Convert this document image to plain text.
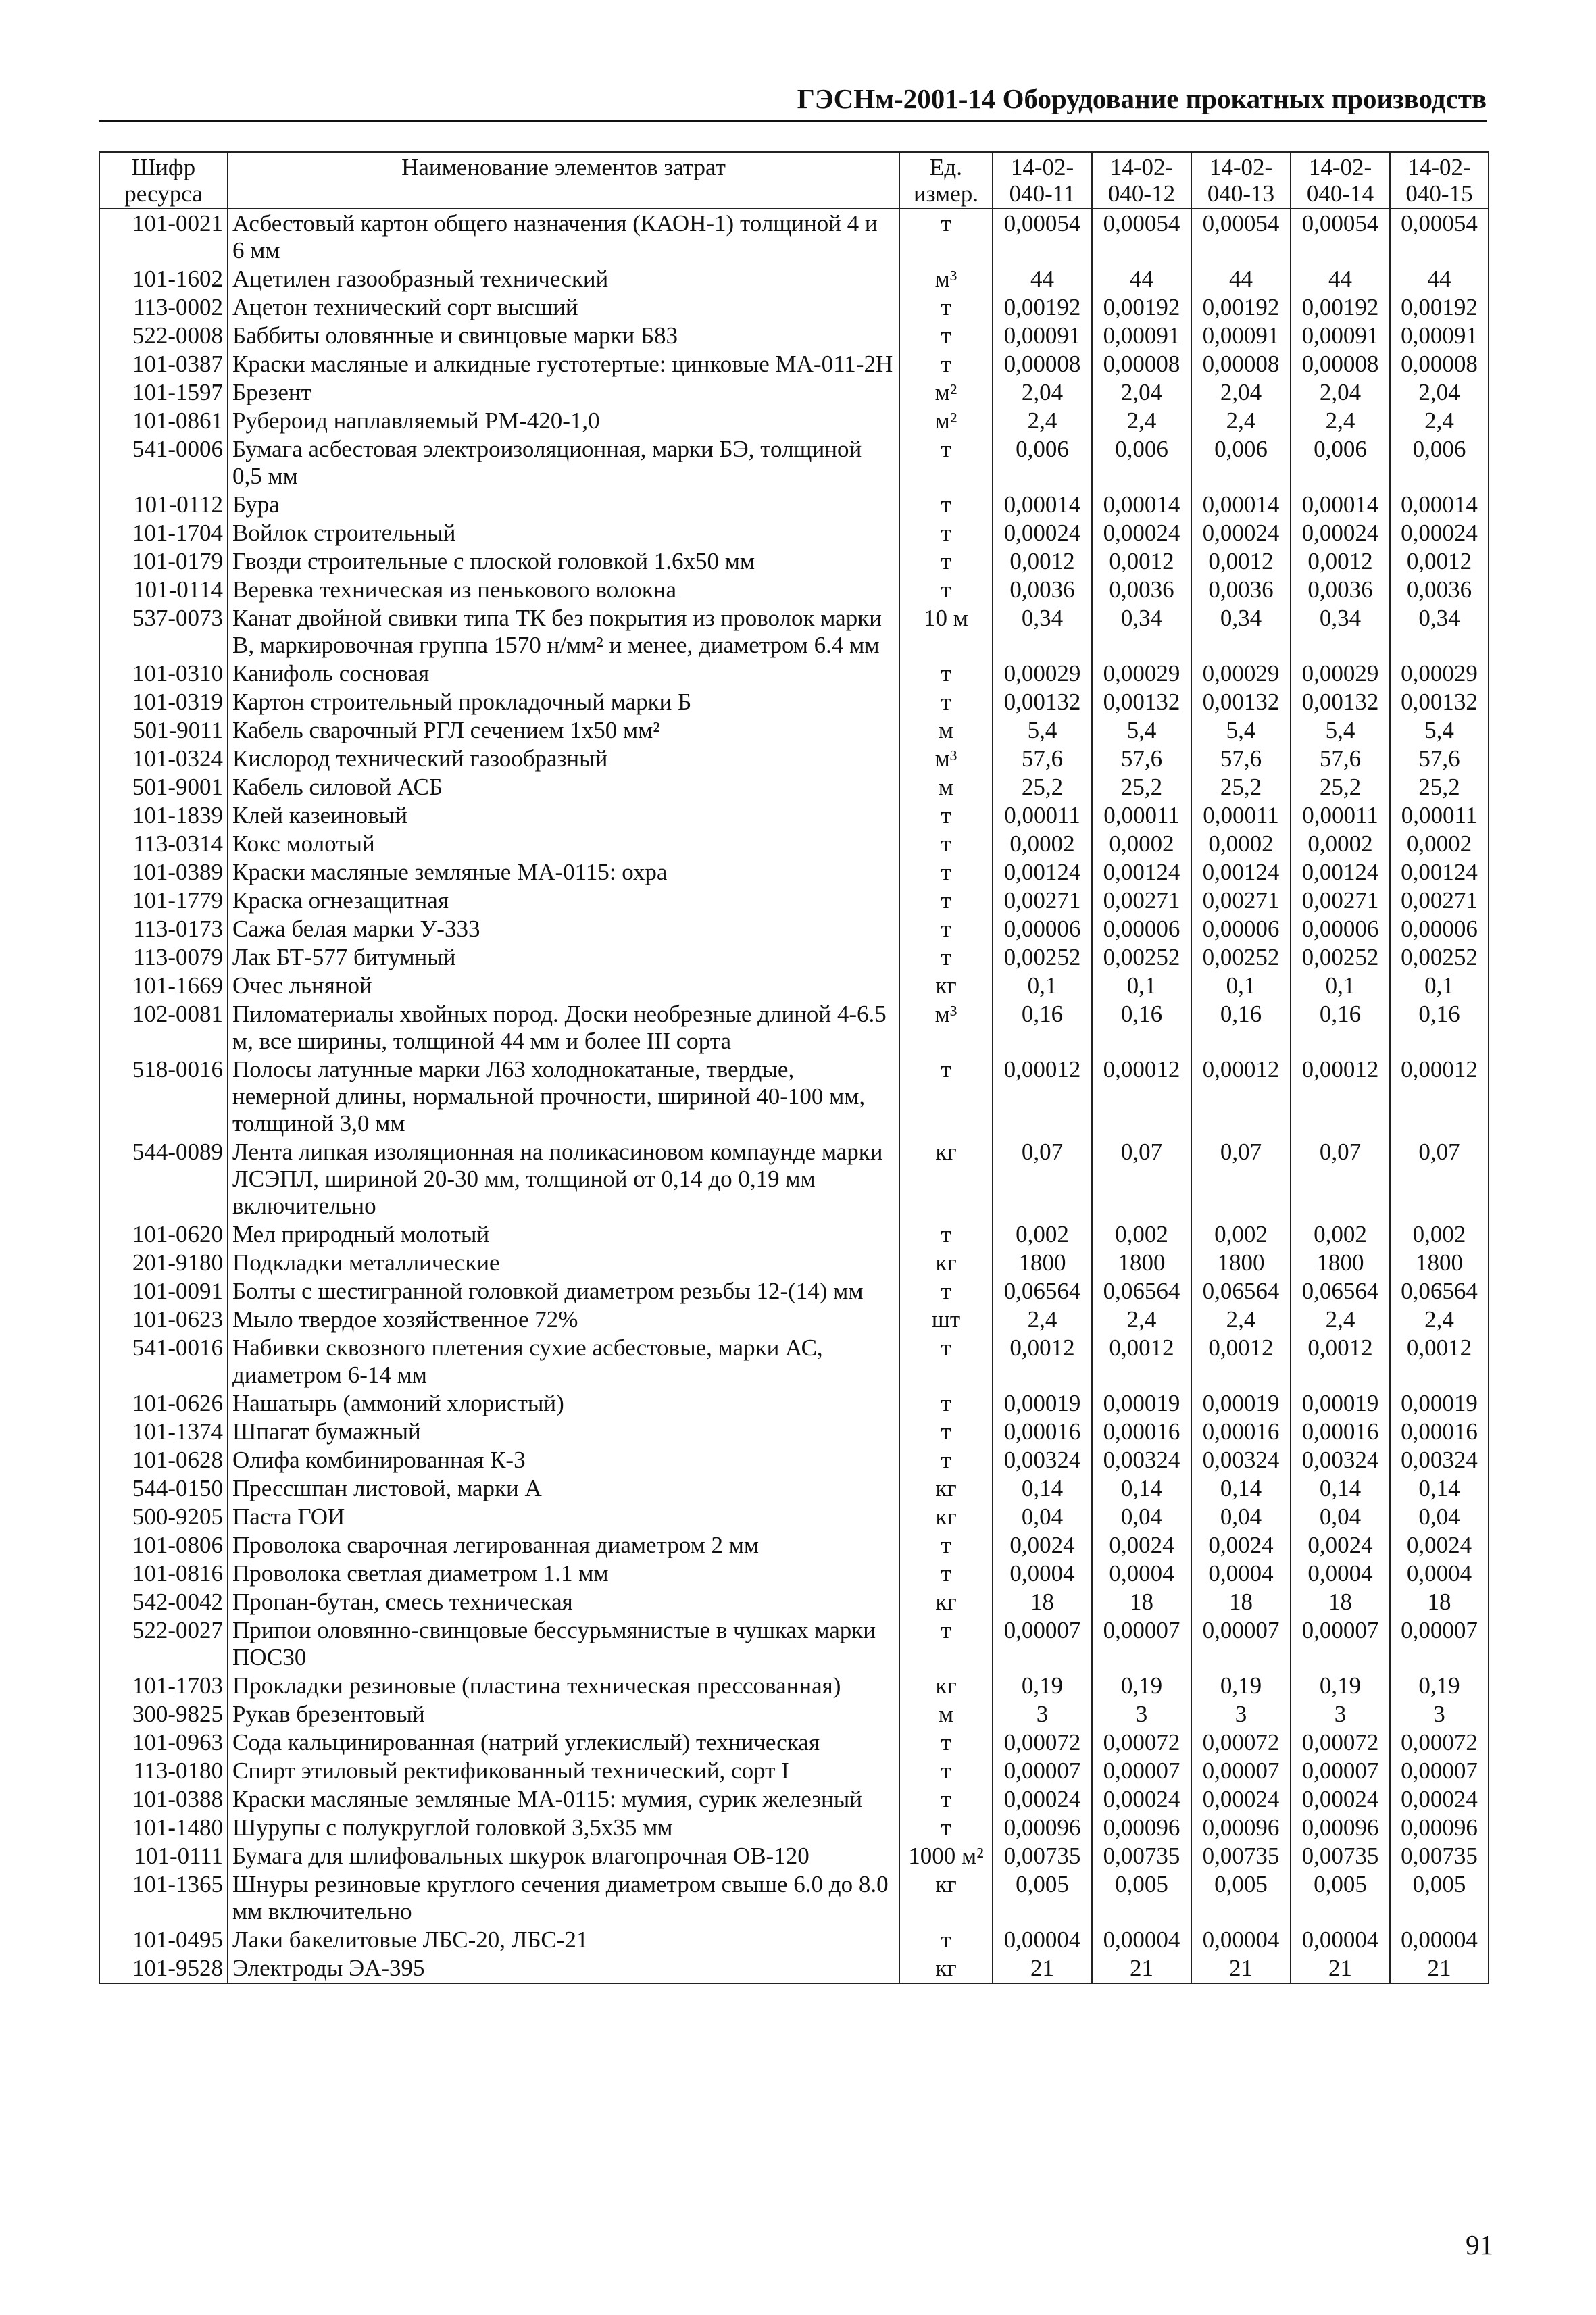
ГЭСНм-2001-14 Оборудование прокатных производств
Шифр ресурса	Наименование элементов затрат	Ед. измер.	14-02-040-11	14-02-040-12	14-02-040-13	14-02-040-14	14-02-040-15
101-0021	Асбестовый картон общего назначения (КАОН-1) толщиной 4 и 6 мм	т	0,00054	0,00054	0,00054	0,00054	0,00054
101-1602	Ацетилен газообразный технический	м³	44	44	44	44	44
113-0002	Ацетон технический сорт высший	т	0,00192	0,00192	0,00192	0,00192	0,00192
522-0008	Баббиты оловянные и свинцовые марки Б83	т	0,00091	0,00091	0,00091	0,00091	0,00091
101-0387	Краски масляные и алкидные густотертые: цинковые МА-011-2Н	т	0,00008	0,00008	0,00008	0,00008	0,00008
101-1597	Брезент	м²	2,04	2,04	2,04	2,04	2,04
101-0861	Рубероид наплавляемый РМ-420-1,0	м²	2,4	2,4	2,4	2,4	2,4
541-0006	Бумага асбестовая электроизоляционная, марки БЭ, толщиной 0,5 мм	т	0,006	0,006	0,006	0,006	0,006
101-0112	Бура	т	0,00014	0,00014	0,00014	0,00014	0,00014
101-1704	Войлок строительный	т	0,00024	0,00024	0,00024	0,00024	0,00024
101-0179	Гвозди строительные с плоской головкой 1.6х50 мм	т	0,0012	0,0012	0,0012	0,0012	0,0012
101-0114	Веревка техническая из пенькового волокна	т	0,0036	0,0036	0,0036	0,0036	0,0036
537-0073	Канат двойной свивки типа ТК без покрытия из проволок марки В, маркировочная группа 1570 н/мм² и менее, диаметром 6.4 мм	10 м	0,34	0,34	0,34	0,34	0,34
101-0310	Канифоль сосновая	т	0,00029	0,00029	0,00029	0,00029	0,00029
101-0319	Картон строительный прокладочный марки Б	т	0,00132	0,00132	0,00132	0,00132	0,00132
501-9011	Кабель сварочный РГЛ сечением 1х50 мм²	м	5,4	5,4	5,4	5,4	5,4
101-0324	Кислород технический газообразный	м³	57,6	57,6	57,6	57,6	57,6
501-9001	Кабель силовой АСБ	м	25,2	25,2	25,2	25,2	25,2
101-1839	Клей казеиновый	т	0,00011	0,00011	0,00011	0,00011	0,00011
113-0314	Кокс молотый	т	0,0002	0,0002	0,0002	0,0002	0,0002
101-0389	Краски масляные земляные МА-0115: охра	т	0,00124	0,00124	0,00124	0,00124	0,00124
101-1779	Краска огнезащитная	т	0,00271	0,00271	0,00271	0,00271	0,00271
113-0173	Сажа белая марки У-333	т	0,00006	0,00006	0,00006	0,00006	0,00006
113-0079	Лак БТ-577 битумный	т	0,00252	0,00252	0,00252	0,00252	0,00252
101-1669	Очес льняной	кг	0,1	0,1	0,1	0,1	0,1
102-0081	Пиломатериалы хвойных пород. Доски необрезные длиной 4-6.5 м, все ширины, толщиной 44 мм и более III сорта	м³	0,16	0,16	0,16	0,16	0,16
518-0016	Полосы латунные марки Л63 холоднокатаные, твердые, немерной длины, нормальной прочности, шириной 40-100 мм, толщиной 3,0 мм	т	0,00012	0,00012	0,00012	0,00012	0,00012
544-0089	Лента липкая изоляционная на поликасиновом компаунде марки ЛСЭПЛ, шириной 20-30 мм, толщиной от 0,14 до 0,19 мм включительно	кг	0,07	0,07	0,07	0,07	0,07
101-0620	Мел природный молотый	т	0,002	0,002	0,002	0,002	0,002
201-9180	Подкладки металлические	кг	1800	1800	1800	1800	1800
101-0091	Болты с шестигранной головкой диаметром резьбы 12-(14) мм	т	0,06564	0,06564	0,06564	0,06564	0,06564
101-0623	Мыло твердое хозяйственное 72%	шт	2,4	2,4	2,4	2,4	2,4
541-0016	Набивки сквозного плетения сухие асбестовые, марки АС, диаметром 6-14 мм	т	0,0012	0,0012	0,0012	0,0012	0,0012
101-0626	Нашатырь (аммоний хлористый)	т	0,00019	0,00019	0,00019	0,00019	0,00019
101-1374	Шпагат бумажный	т	0,00016	0,00016	0,00016	0,00016	0,00016
101-0628	Олифа комбинированная К-3	т	0,00324	0,00324	0,00324	0,00324	0,00324
544-0150	Прессшпан листовой, марки А	кг	0,14	0,14	0,14	0,14	0,14
500-9205	Паста ГОИ	кг	0,04	0,04	0,04	0,04	0,04
101-0806	Проволока сварочная легированная диаметром 2 мм	т	0,0024	0,0024	0,0024	0,0024	0,0024
101-0816	Проволока светлая диаметром 1.1 мм	т	0,0004	0,0004	0,0004	0,0004	0,0004
542-0042	Пропан-бутан, смесь техническая	кг	18	18	18	18	18
522-0027	Припои оловянно-свинцовые бессурьмянистые в чушках марки ПОС30	т	0,00007	0,00007	0,00007	0,00007	0,00007
101-1703	Прокладки резиновые (пластина техническая прессованная)	кг	0,19	0,19	0,19	0,19	0,19
300-9825	Рукав брезентовый	м	3	3	3	3	3
101-0963	Сода кальцинированная (натрий углекислый) техническая	т	0,00072	0,00072	0,00072	0,00072	0,00072
113-0180	Спирт этиловый ректификованный технический, сорт I	т	0,00007	0,00007	0,00007	0,00007	0,00007
101-0388	Краски масляные земляные МА-0115: мумия, сурик железный	т	0,00024	0,00024	0,00024	0,00024	0,00024
101-1480	Шурупы с полукруглой головкой 3,5х35 мм	т	0,00096	0,00096	0,00096	0,00096	0,00096
101-0111	Бумага для шлифовальных шкурок влагопрочная ОВ-120	1000 м²	0,00735	0,00735	0,00735	0,00735	0,00735
101-1365	Шнуры резиновые круглого сечения диаметром свыше 6.0 до 8.0 мм включительно	кг	0,005	0,005	0,005	0,005	0,005
101-0495	Лаки бакелитовые ЛБС-20, ЛБС-21	т	0,00004	0,00004	0,00004	0,00004	0,00004
101-9528	Электроды ЭА-395	кг	21	21	21	21	21
91
